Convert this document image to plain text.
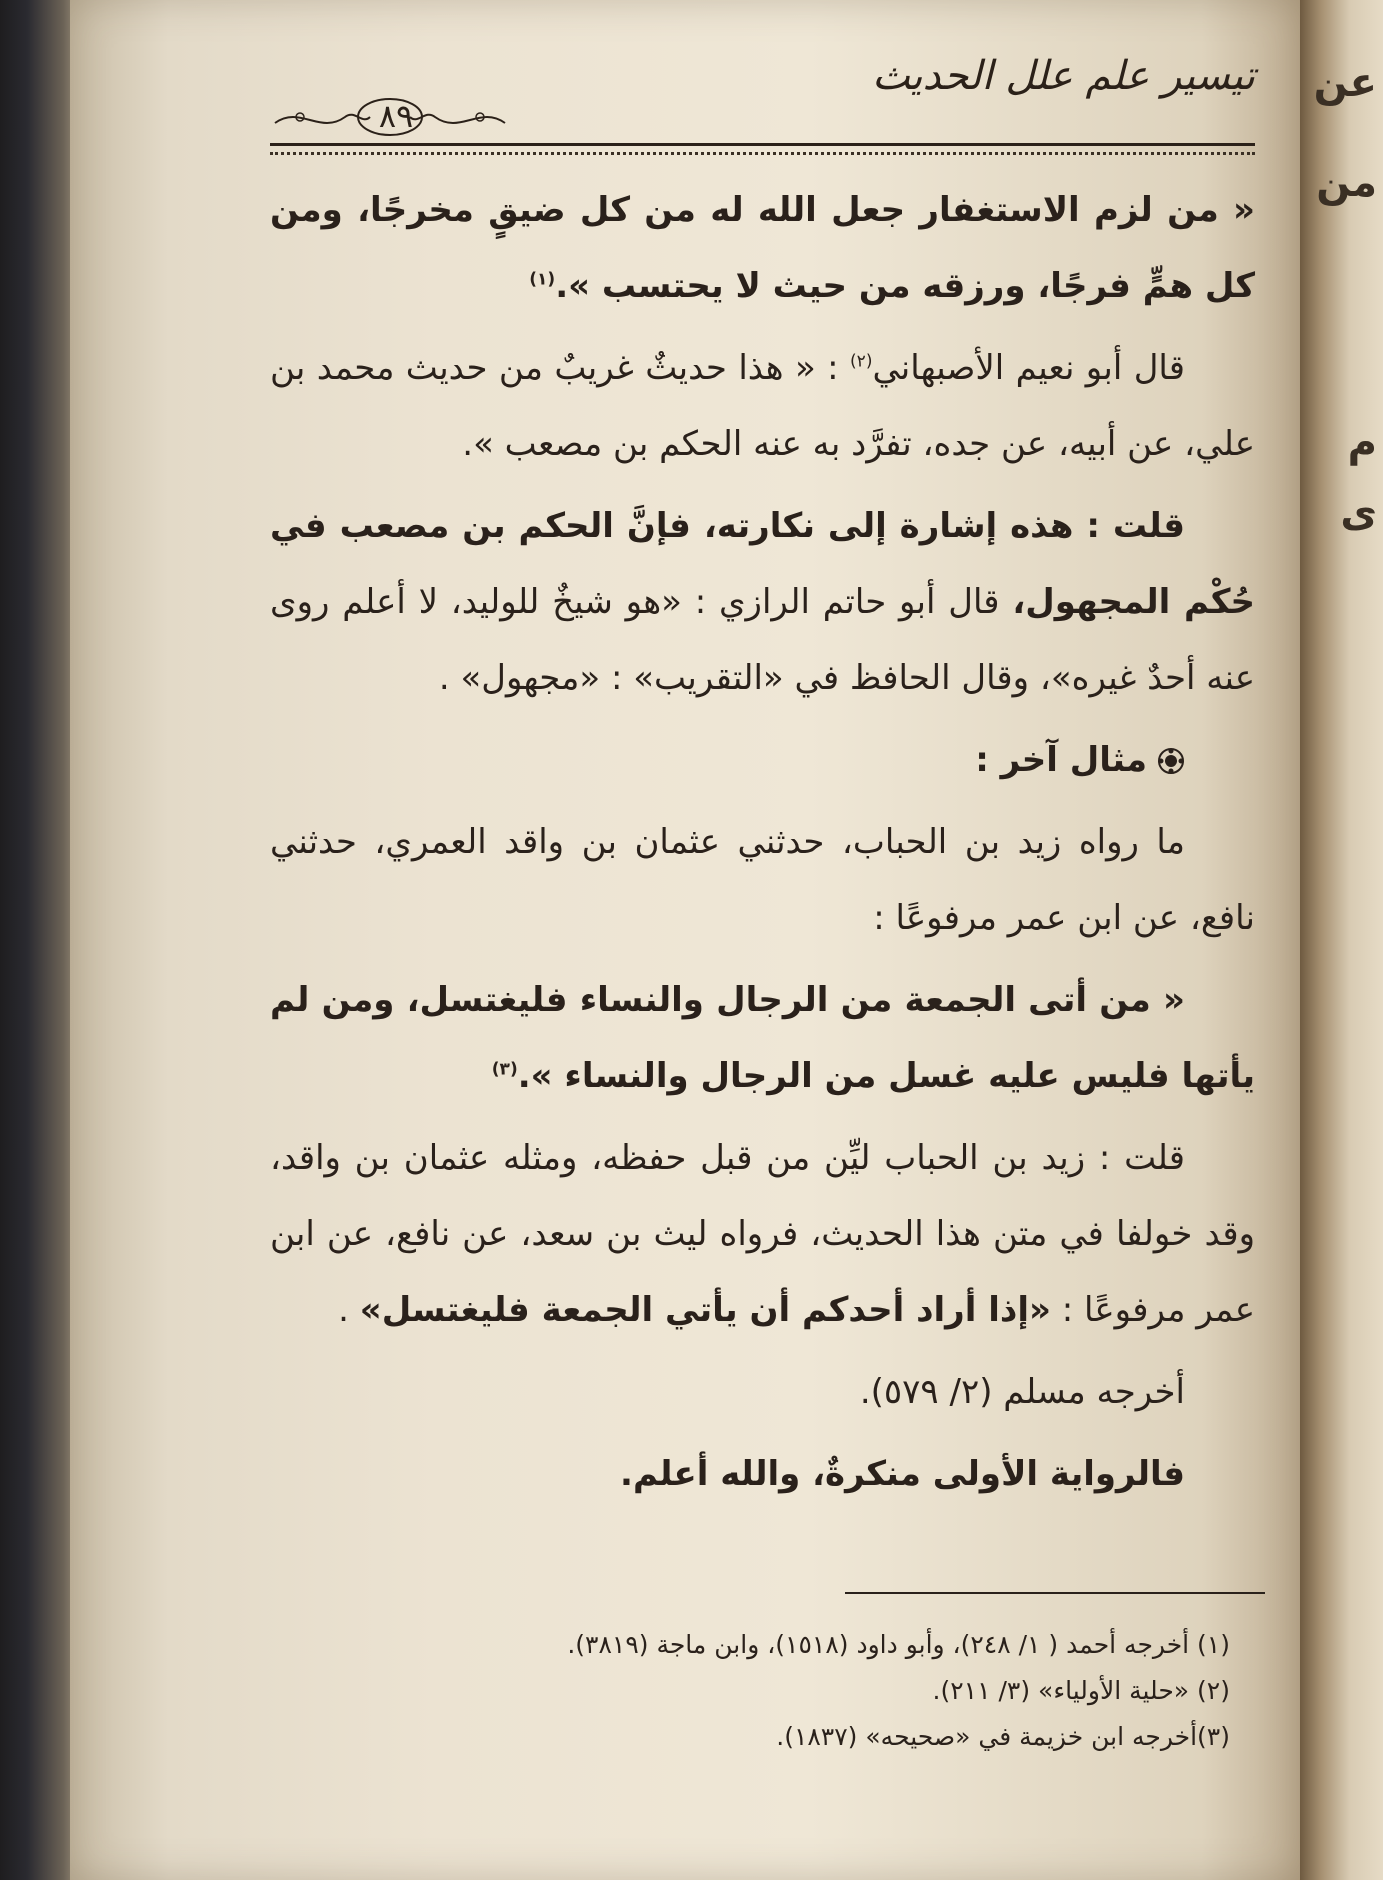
عن
من
م
ى
تيسير علم علل الحديث
٨٩

« من لزم الاستغفار جعل الله له من كل ضيقٍ مخرجًا، ومن كل همٍّ فرجًا، ورزقه من حيث لا يحتسب ».$^{(١)}$

قال أبو نعيم الأصبهاني$^{(٢)}$ : « هذا حديثٌ غريبٌ من حديث محمد بن علي، عن أبيه، عن جده، تفرَّد به عنه الحكم بن مصعب ».

قلت : هذه إشارة إلى نكارته، فإنَّ الحكم بن مصعب في حُكْم المجهول، قال أبو حاتم الرازي : «هو شيخٌ للوليد، لا أعلم روى عنه أحدٌ غيره»، وقال الحافظ في «التقريب» : «مجهول» .

مثال آخر :

ما رواه زيد بن الحباب، حدثني عثمان بن واقد العمري، حدثني نافع، عن ابن عمر مرفوعًا :

« من أتى الجمعة من الرجال والنساء فليغتسل، ومن لم يأتها فليس عليه غسل من الرجال والنساء ».$^{(٣)}$

قلت : زيد بن الحباب ليِّن من قبل حفظه، ومثله عثمان بن واقد، وقد خولفا في متن هذا الحديث، فرواه ليث بن سعد، عن نافع، عن ابن عمر مرفوعًا : «إذا أراد أحدكم أن يأتي الجمعة فليغتسل» .

أخرجه مسلم (٢/ ٥٧٩).

فالرواية الأولى منكرةٌ، والله أعلم.

(١) أخرجه أحمد ( ١/ ٢٤٨)، وأبو داود (١٥١٨)، وابن ماجة (٣٨١٩).
(٢) «حلية الأولياء» (٣/ ٢١١).
(٣)أخرجه ابن خزيمة في «صحيحه» (١٨٣٧).
